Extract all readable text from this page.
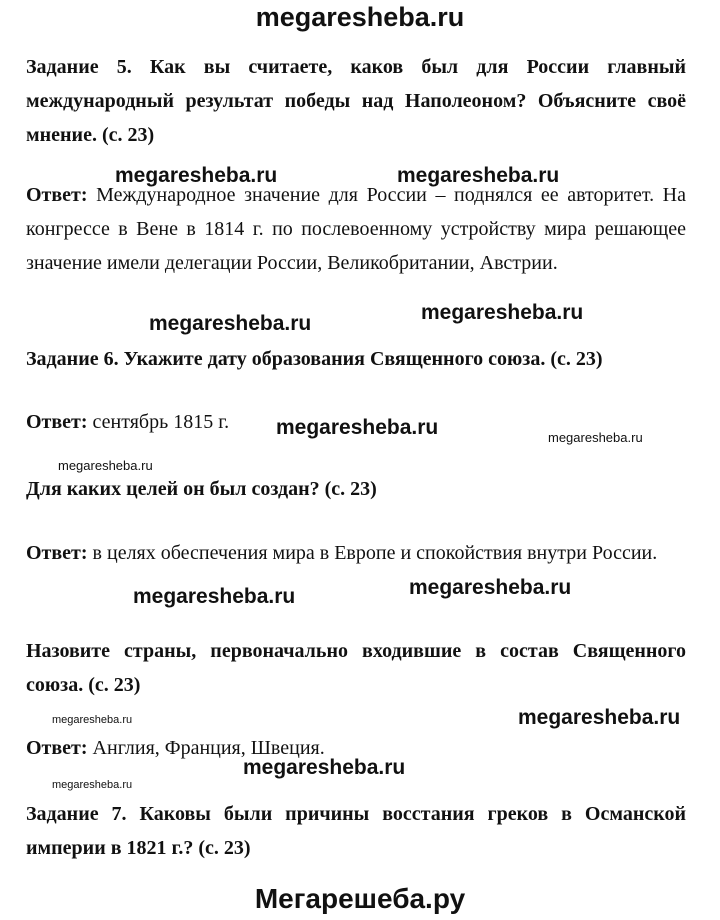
megaresheba.ru
Задание 5. Как вы считаете, каков был для России главный международный результат победы над Наполеоном? Объясните своё мнение. (с. 23)
Ответ: Международное значение для России – поднялся ее авторитет. На конгрессе в Вене в 1814 г. по послевоенному устройству мира решающее значение имели делегации России, Великобритании, Австрии.
Задание 6. Укажите дату образования Священного союза. (с. 23)
Ответ: сентябрь 1815 г.
Для каких целей он был создан? (с. 23)
Ответ: в целях обеспечения мира в Европе и спокойствия внутри России.
Назовите страны, первоначально входившие в состав Священного союза. (с. 23)
Ответ: Англия, Франция, Швеция.
Задание 7. Каковы были причины восстания греков в Османской империи в 1821 г.? (с. 23)
megaresheba.ru	megaresheba.ru
megaresheba.ru	megaresheba.ru
megaresheba.ru
megaresheba.ru
megaresheba.ru
megaresheba.ru	megaresheba.ru
megaresheba.ru	megaresheba.ru
megaresheba.ru
megaresheba.ru
Мегарешеба.ру
